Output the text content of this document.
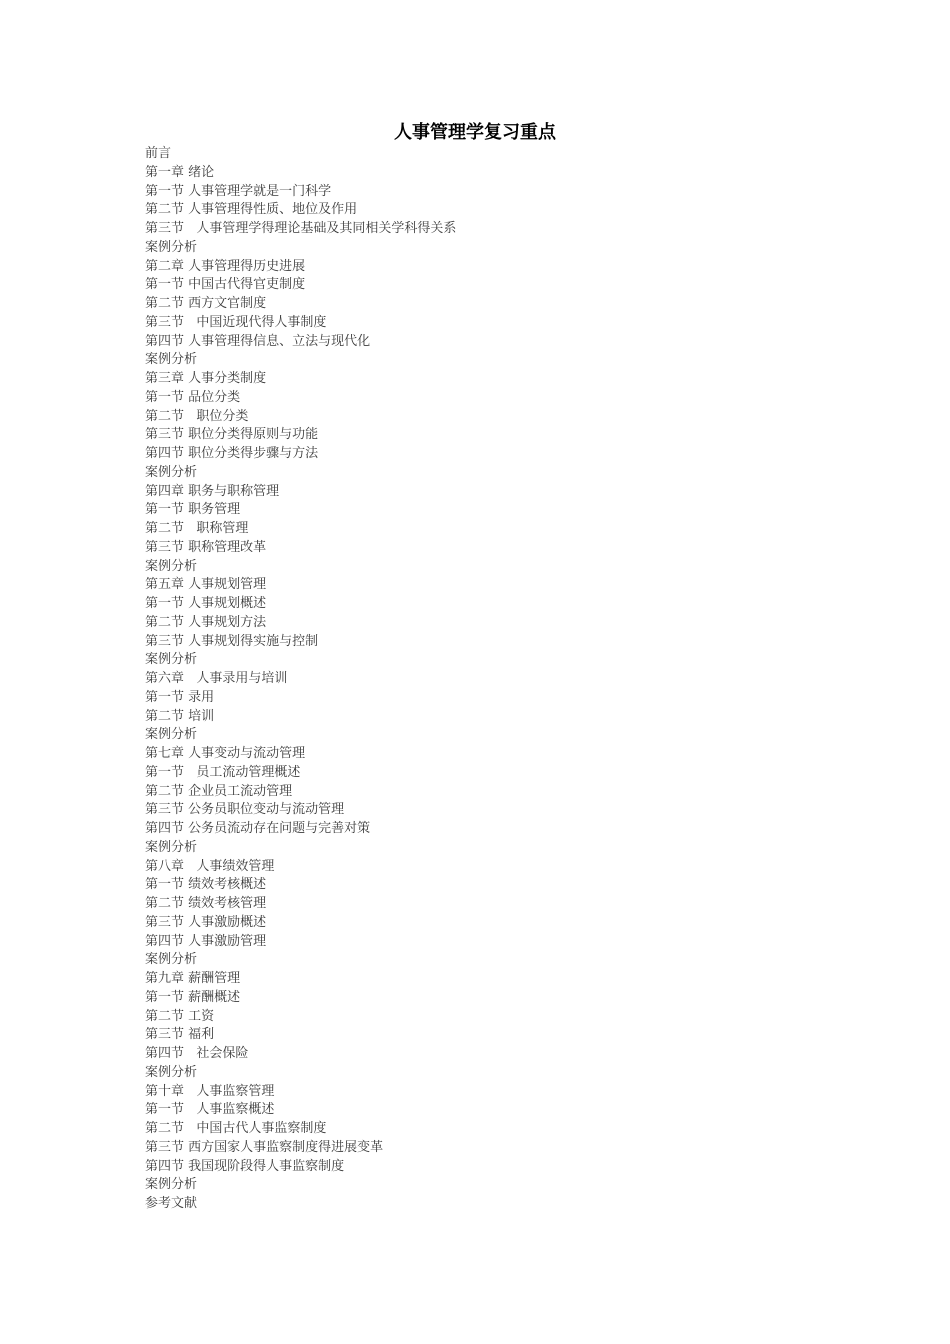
人事管理学复习重点
前言
第一章 绪论
第一节 人事管理学就是一门科学
第二节 人事管理得性质、地位及作用
第三节   人事管理学得理论基础及其同相关学科得关系
案例分析
第二章 人事管理得历史进展
第一节 中国古代得官吏制度
第二节 西方文官制度
第三节   中国近现代得人事制度
第四节 人事管理得信息、立法与现代化
案例分析
第三章 人事分类制度
第一节 品位分类
第二节   职位分类
第三节 职位分类得原则与功能
第四节 职位分类得步骤与方法
案例分析
第四章 职务与职称管理
第一节 职务管理
第二节   职称管理
第三节 职称管理改革
案例分析
第五章 人事规划管理
第一节 人事规划概述
第二节 人事规划方法
第三节 人事规划得实施与控制
案例分析
第六章   人事录用与培训
第一节 录用
第二节 培训
案例分析
第七章 人事变动与流动管理
第一节   员工流动管理概述
第二节 企业员工流动管理
第三节 公务员职位变动与流动管理
第四节 公务员流动存在问题与完善对策
案例分析
第八章   人事绩效管理
第一节 绩效考核概述
第二节 绩效考核管理
第三节 人事激励概述
第四节 人事激励管理
案例分析
第九章 薪酬管理
第一节 薪酬概述
第二节 工资
第三节 福利
第四节   社会保险
案例分析
第十章   人事监察管理
第一节   人事监察概述
第二节   中国古代人事监察制度
第三节 西方国家人事监察制度得进展变革
第四节 我国现阶段得人事监察制度
案例分析
参考文献
